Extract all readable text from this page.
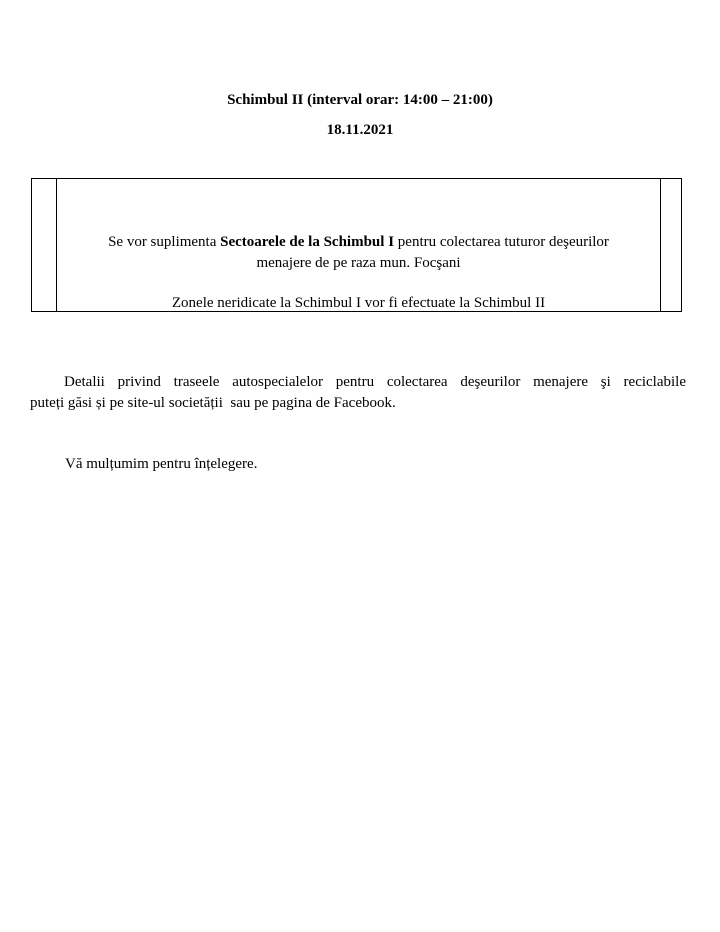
Schimbul II (interval orar: 14:00 – 21:00)
18.11.2021
Se vor suplimenta Sectoarele de la Schimbul I pentru colectarea tuturor deşeurilor
menajere de pe raza mun. Focşani
Zonele neridicate la Schimbul I vor fi efectuate la Schimbul II
Detalii privind traseele autospecialelor pentru colectarea deşeurilor menajere şi reciclabile
puteți găsi și pe site-ul societății  sau pe pagina de Facebook.
Vă mulțumim pentru înțelegere.
